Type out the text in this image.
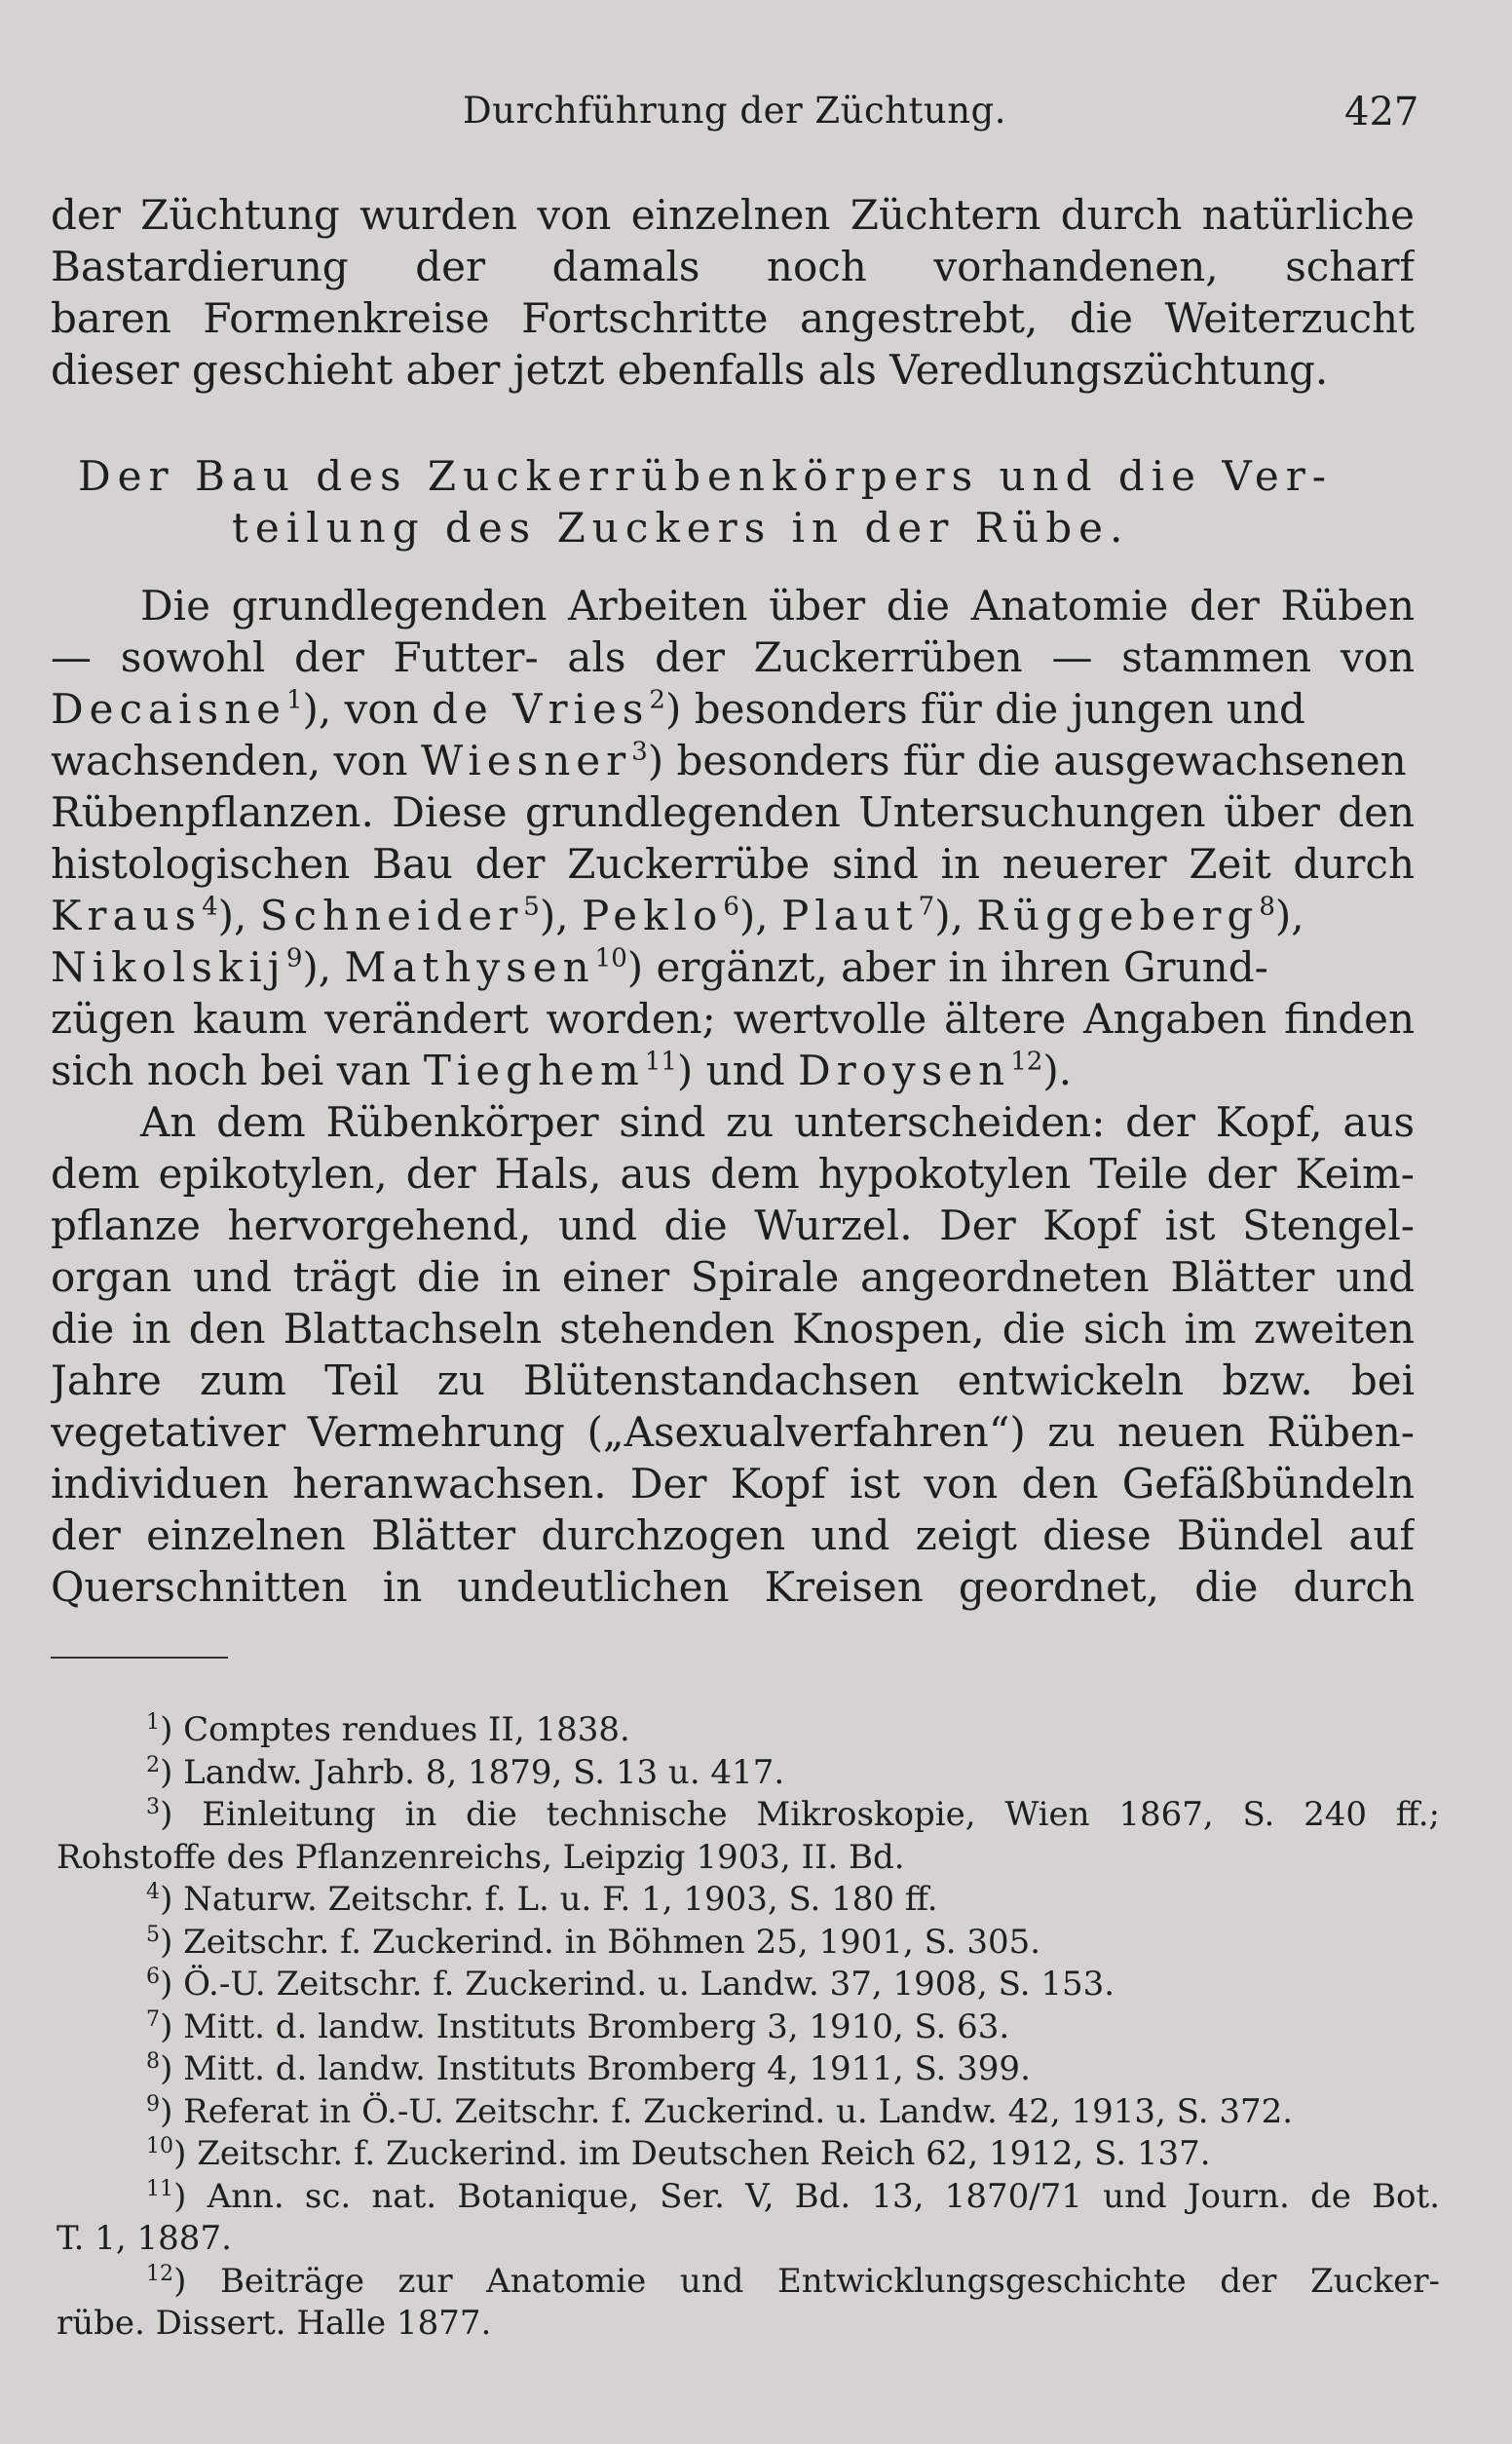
Durchführung der Züchtung.	427
der Züchtung wurden von einzelnen Züchtern durch natürliche
Bastardierung der damals noch vorhandenen, scharf
baren Formenkreise Fortschritte angestrebt, die Weiterzucht
dieser geschieht aber jetzt ebenfalls als Veredlungszüchtung.
Der Bau des Zuckerrübenkörpers und die Ver-
teilung des Zuckers in der Rübe.
Die grundlegenden Arbeiten über die Anatomie der Rüben
— sowohl der Futter- als der Zuckerrüben — stammen von
Decaisne$^1$), von de Vries$^2$) besonders für die jungen und
wachsenden, von Wiesner$^3$) besonders für die ausgewachsenen
Rübenpflanzen. Diese grundlegenden Untersuchungen über den
histologischen Bau der Zuckerrübe sind in neuerer Zeit durch
Kraus$^4$), Schneider$^5$), Peklo$^6$), Plaut$^7$), Rüggeberg$^8$),
Nikolskij$^9$), Mathysen$^{10}$) ergänzt, aber in ihren Grund-
zügen kaum verändert worden; wertvolle ältere Angaben finden
sich noch bei van Tieghem$^{11}$) und Droysen$^{12}$).
An dem Rübenkörper sind zu unterscheiden: der Kopf, aus
dem epikotylen, der Hals, aus dem hypokotylen Teile der Keim-
pflanze hervorgehend, und die Wurzel. Der Kopf ist Stengel-
organ und trägt die in einer Spirale angeordneten Blätter und
die in den Blattachseln stehenden Knospen, die sich im zweiten
Jahre zum Teil zu Blütenstandachsen entwickeln bzw. bei
vegetativer Vermehrung („Asexualverfahren“) zu neuen Rüben-
individuen heranwachsen. Der Kopf ist von den Gefäßbündeln
der einzelnen Blätter durchzogen und zeigt diese Bündel auf
Querschnitten in undeutlichen Kreisen geordnet, die durch
$^1$) Comptes rendues II, 1838.
$^2$) Landw. Jahrb. 8, 1879, S. 13 u. 417.
$^3$) Einleitung in die technische Mikroskopie, Wien 1867, S. 240 ff.;
Rohstoffe des Pflanzenreichs, Leipzig 1903, II. Bd.
$^4$) Naturw. Zeitschr. f. L. u. F. 1, 1903, S. 180 ff.
$^5$) Zeitschr. f. Zuckerind. in Böhmen 25, 1901, S. 305.
$^6$) Ö.-U. Zeitschr. f. Zuckerind. u. Landw. 37, 1908, S. 153.
$^7$) Mitt. d. landw. Instituts Bromberg 3, 1910, S. 63.
$^8$) Mitt. d. landw. Instituts Bromberg 4, 1911, S. 399.
$^9$) Referat in Ö.-U. Zeitschr. f. Zuckerind. u. Landw. 42, 1913, S. 372.
$^{10}$) Zeitschr. f. Zuckerind. im Deutschen Reich 62, 1912, S. 137.
$^{11}$) Ann. sc. nat. Botanique, Ser. V, Bd. 13, 1870/71 und Journ. de Bot.
T. 1, 1887.
$^{12}$) Beiträge zur Anatomie und Entwicklungsgeschichte der Zucker-
rübe. Dissert. Halle 1877.
